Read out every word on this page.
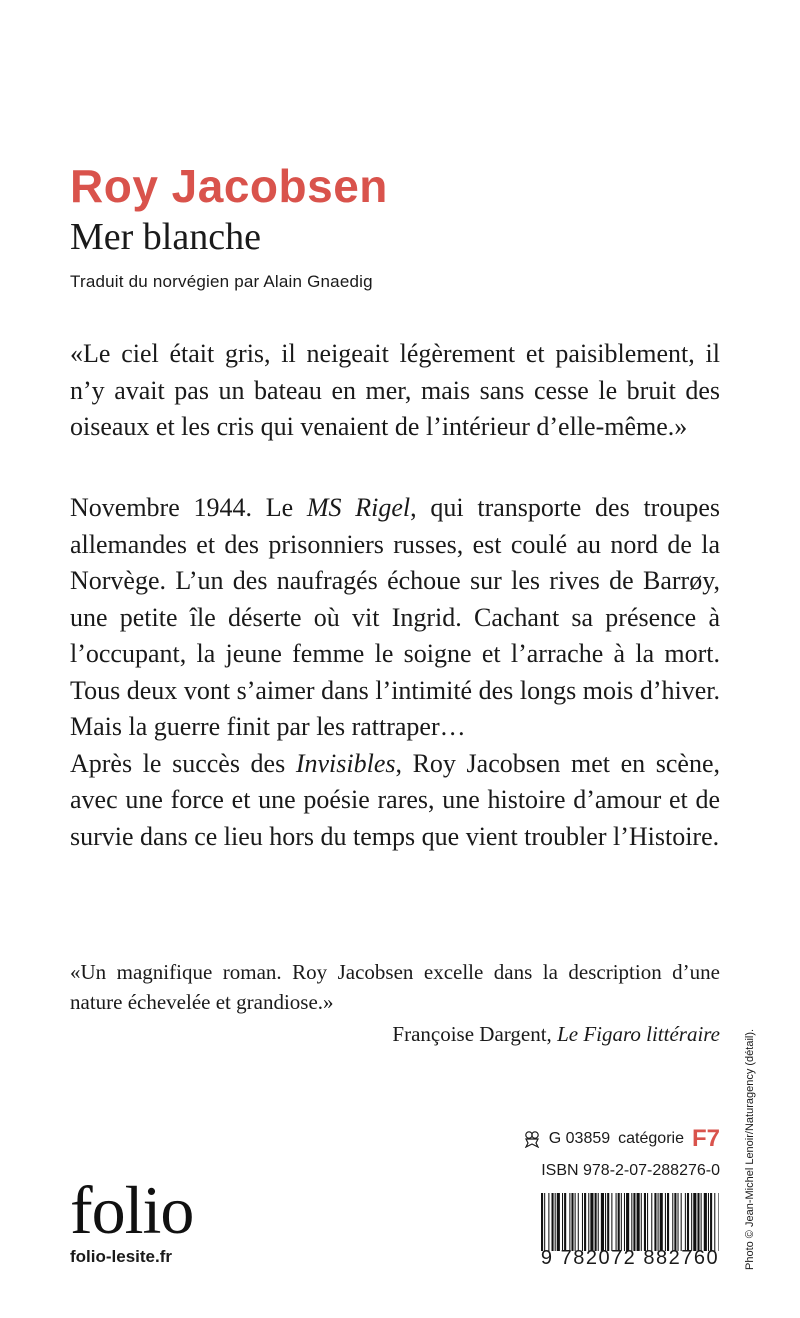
Roy Jacobsen
Mer blanche

Traduit du norvégien par Alain Gnaedig

«Le ciel était gris, il neigeait légèrement et paisiblement, il n’y avait pas un bateau en mer, mais sans cesse le bruit des oiseaux et les cris qui venaient de l’intérieur d’elle-même.»

Novembre 1944. Le MS Rigel, qui transporte des troupes allemandes et des prisonniers russes, est coulé au nord de la Norvège. L’un des naufragés échoue sur les rives de Barrøy, une petite île déserte où vit Ingrid. Cachant sa présence à l’occupant, la jeune femme le soigne et l’arrache à la mort. Tous deux vont s’aimer dans l’intimité des longs mois d’hiver. Mais la guerre finit par les rattraper…

Après le succès des Invisibles, Roy Jacobsen met en scène, avec une force et une poésie rares, une histoire d’amour et de survie dans ce lieu hors du temps que vient troubler l’Histoire.

«Un magnifique roman. Roy Jacobsen excelle dans la description d’une nature échevelée et grandiose.»

Françoise Dargent, Le Figaro littéraire

G 03859 catégorie F7

ISBN 978-2-07-288276-0

folio

folio-lesite.fr	9 782072 882760 Photo © Jean-Michel Lenoir/Naturagency (détail).
